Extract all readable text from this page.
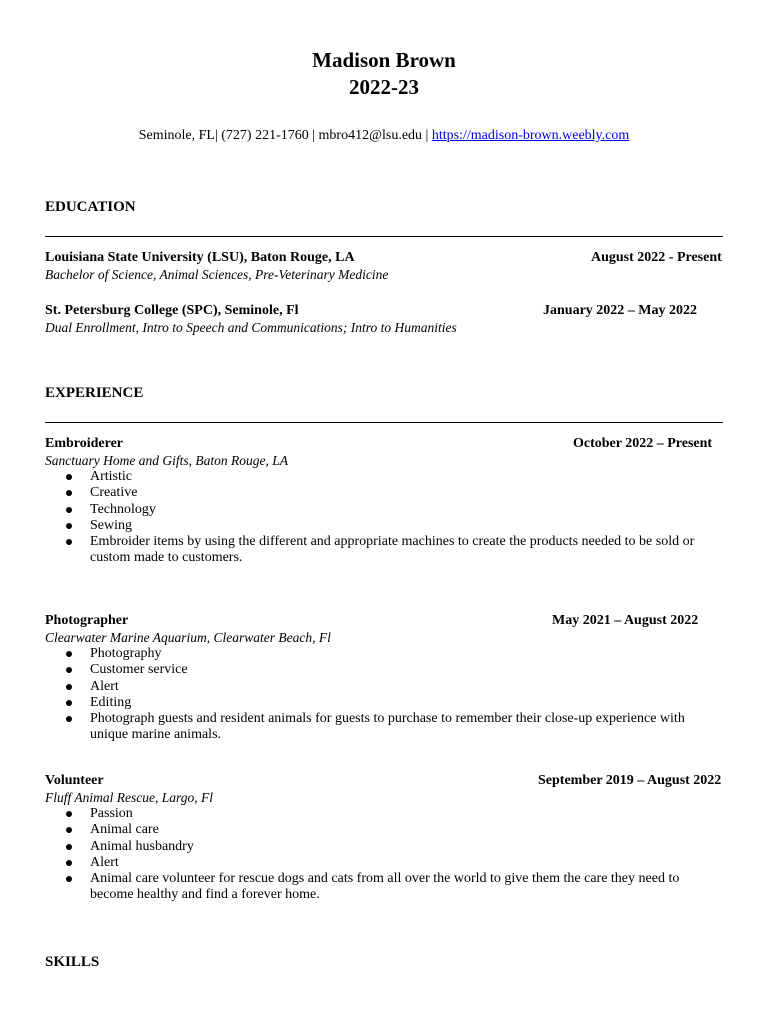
Madison Brown
2022-23
Seminole, FL| (727) 221-1760 | mbro412@lsu.edu | https://madison-brown.weebly.com
EDUCATION
Louisiana State University (LSU), Baton Rouge, LA	August 2022 - Present
Bachelor of Science, Animal Sciences, Pre-Veterinary Medicine
St. Petersburg College (SPC), Seminole, Fl	January 2022 – May 2022
Dual Enrollment, Intro to Speech and Communications; Intro to Humanities
EXPERIENCE
Embroiderer	October 2022 – Present
Sanctuary Home and Gifts, Baton Rouge, LA
Artistic
Creative
Technology
Sewing
Embroider items by using the different and appropriate machines to create the products needed to be sold or custom made to customers.
Photographer	May 2021 – August 2022
Clearwater Marine Aquarium, Clearwater Beach, Fl
Photography
Customer service
Alert
Editing
Photograph guests and resident animals for guests to purchase to remember their close-up experience with unique marine animals.
Volunteer	September 2019 – August 2022
Fluff Animal Rescue, Largo, Fl
Passion
Animal care
Animal husbandry
Alert
Animal care volunteer for rescue dogs and cats from all over the world to give them the care they need to become healthy and find a forever home.
SKILLS
